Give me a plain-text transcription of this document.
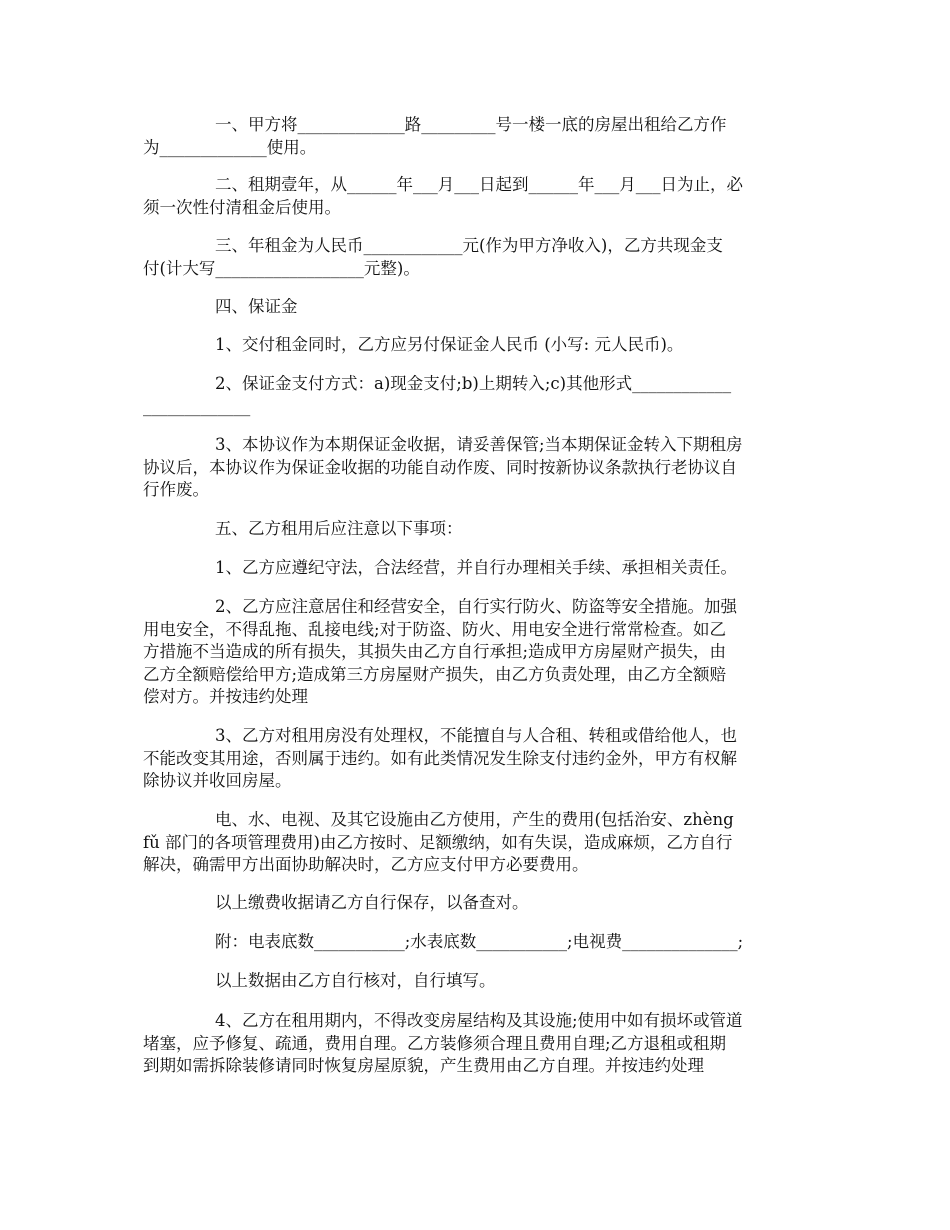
一、甲方将_____________路_________号一楼一底的房屋出租给乙方作
为_____________使用。
二、租期壹年，从______年___月___日起到______年___月___日为止，必
须一次性付清租金后使用。
三、年租金为人民币____________元(作为甲方净收入)，乙方共现金支
付(计大写__________________元整)。
四、保证金
1、交付租金同时，乙方应另付保证金人民币 (小写: 元人民币)。
2、保证金支付方式：a)现金支付;b)上期转入;c)其他形式____________
_____________
3、本协议作为本期保证金收据，请妥善保管;当本期保证金转入下期租房
协议后，本协议作为保证金收据的功能自动作废、同时按新协议条款执行老协议自
行作废。
五、乙方租用后应注意以下事项：
1、乙方应遵纪守法，合法经营，并自行办理相关手续、承担相关责任。
2、乙方应注意居住和经营安全，自行实行防火、防盗等安全措施。加强
用电安全，不得乱拖、乱接电线;对于防盗、防火、用电安全进行常常检查。如乙
方措施不当造成的所有损失，其损失由乙方自行承担;造成甲方房屋财产损失，由
乙方全额赔偿给甲方;造成第三方房屋财产损失，由乙方负责处理，由乙方全额赔
偿对方。并按违约处理
3、乙方对租用房没有处理权，不能擅自与人合租、转租或借给他人，也
不能改变其用途，否则属于违约。如有此类情况发生除支付违约金外，甲方有权解
除协议并收回房屋。
电、水、电视、及其它设施由乙方使用，产生的费用(包括治安、zhèng
fǔ 部门的各项管理费用)由乙方按时、足额缴纳，如有失误，造成麻烦，乙方自行
解决，确需甲方出面协助解决时，乙方应支付甲方必要费用。
以上缴费收据请乙方自行保存，以备查对。
附：电表底数___________;水表底数___________;电视费______________;
以上数据由乙方自行核对，自行填写。
4、乙方在租用期内，不得改变房屋结构及其设施;使用中如有损坏或管道
堵塞，应予修复、疏通，费用自理。乙方装修须合理且费用自理;乙方退租或租期
到期如需拆除装修请同时恢复房屋原貌，产生费用由乙方自理。并按违约处理
